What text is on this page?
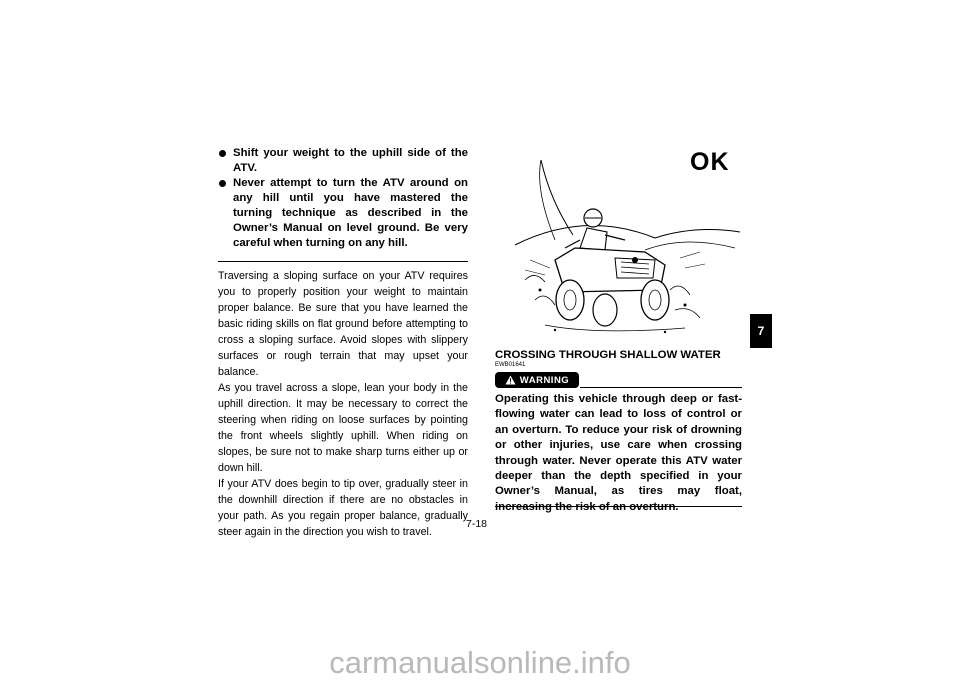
Shift your weight to the uphill side of the ATV.
Never attempt to turn the ATV around on any hill until you have mastered the turning technique as described in the Owner’s Manual on level ground. Be very careful when turning on any hill.

Traversing a sloping surface on your ATV requires you to properly position your weight to maintain proper balance. Be sure that you have learned the basic riding skills on flat ground before attempting to cross a sloping surface. Avoid slopes with slippery surfaces or rough terrain that may upset your balance.

As you travel across a slope, lean your body in the uphill direction. It may be necessary to correct the steering when riding on loose surfaces by pointing the front wheels slightly uphill. When riding on slopes, be sure not to make sharp turns either up or down hill.

If your ATV does begin to tip over, gradually steer in the downhill direction if there are no obstacles in your path. As you regain proper balance, gradually steer again in the direction you wish to travel.

OK
CROSSING THROUGH SHALLOW WATER
EWB01641
WARNING

Operating this vehicle through deep or fast-flowing water can lead to loss of control or an overturn. To reduce your risk of drowning or other injuries, use care when crossing through water. Never operate this ATV water deeper than the depth specified in your Owner’s Manual, as tires may float, increasing the risk of an overturn.

7-18
7
carmanualsonline.info
